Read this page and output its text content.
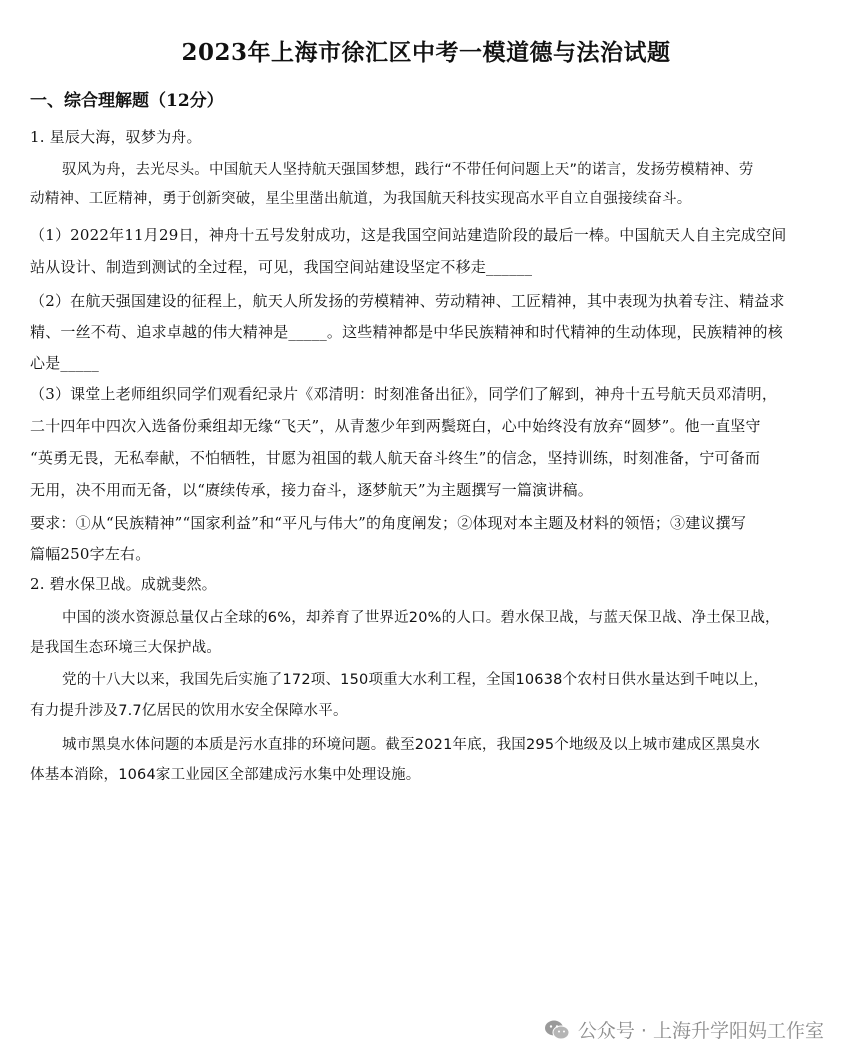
2023年上海市徐汇区中考一模道德与法治试题
一、综合理解题（12分）
1. 星辰大海，驭梦为舟。
驭风为舟，去光尽头。中国航天人坚持航天强国梦想，践行“不带任何问题上天”的诺言，发扬劳模精神、劳
动精神、工匠精神，勇于创新突破，星尘里凿出航道，为我国航天科技实现高水平自立自强接续奋斗。
（1）2022年11月29日，神舟十五号发射成功，这是我国空间站建造阶段的最后一棒。中国航天人自主完成空间
站从设计、制造到测试的全过程，可见，我国空间站建设坚定不移走______
（2）在航天强国建设的征程上，航天人所发扬的劳模精神、劳动精神、工匠精神，其中表现为执着专注、精益求
精、一丝不苟、追求卓越的伟大精神是_____。这些精神都是中华民族精神和时代精神的生动体现，民族精神的核
心是_____
（3）课堂上老师组织同学们观看纪录片《邓清明：时刻准备出征》，同学们了解到，神舟十五号航天员邓清明，
二十四年中四次入选备份乘组却无缘“飞天”，从青葱少年到两鬓斑白，心中始终没有放弃“圆梦”。他一直坚守
“英勇无畏，无私奉献，不怕牺牲，甘愿为祖国的载人航天奋斗终生”的信念，坚持训练，时刻准备，宁可备而
无用，决不用而无备，以“赓续传承，接力奋斗，逐梦航天”为主题撰写一篇演讲稿。
要求：①从“民族精神”“国家利益”和“平凡与伟大”的角度阐发；②体现对本主题及材料的领悟；③建议撰写
篇幅250字左右。
2. 碧水保卫战。成就斐然。
中国的淡水资源总量仅占全球的6%，却养育了世界近20%的人口。碧水保卫战，与蓝天保卫战、净土保卫战，
是我国生态环境三大保护战。
党的十八大以来，我国先后实施了172项、150项重大水利工程，全国10638个农村日供水量达到千吨以上，
有力提升涉及7.7亿居民的饮用水安全保障水平。
城市黑臭水体问题的本质是污水直排的环境问题。截至2021年底，我国295个地级及以上城市建成区黑臭水
体基本消除，1064家工业园区全部建成污水集中处理设施。
公众号 · 上海升学阳妈工作室
